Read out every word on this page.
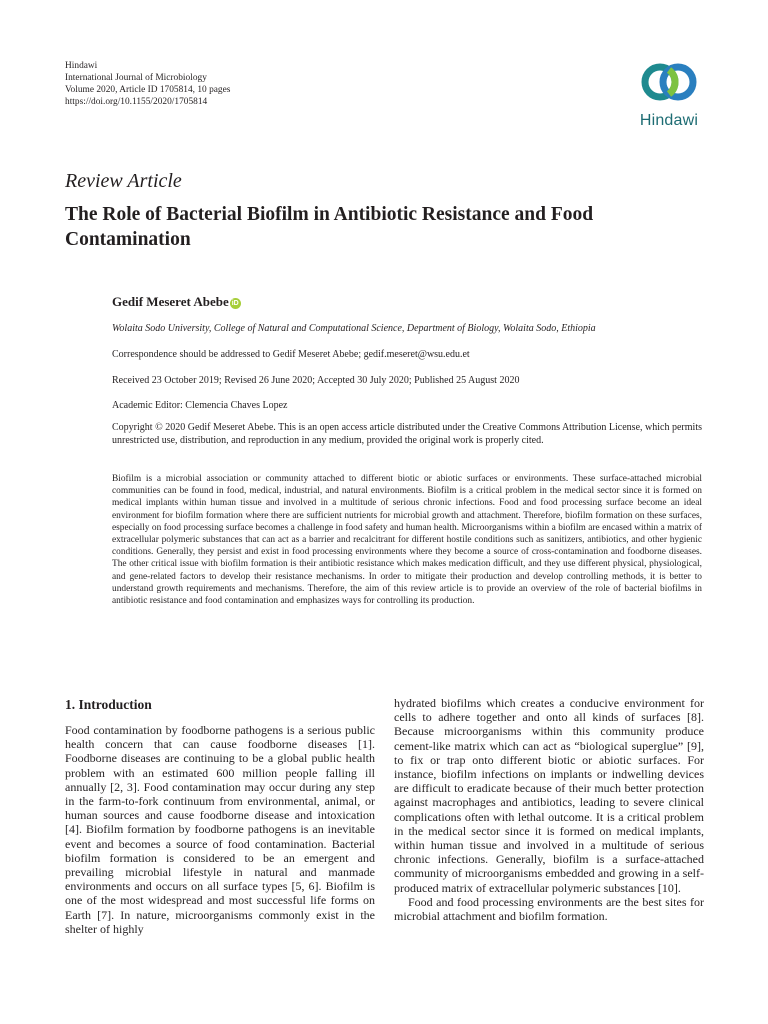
Hindawi
International Journal of Microbiology
Volume 2020, Article ID 1705814, 10 pages
https://doi.org/10.1155/2020/1705814
Hindawi
Review Article
The Role of Bacterial Biofilm in Antibiotic Resistance and Food Contamination
Gedif Meseret Abebe iD
Wolaita Sodo University, College of Natural and Computational Science, Department of Biology, Wolaita Sodo, Ethiopia
Correspondence should be addressed to Gedif Meseret Abebe; gedif.meseret@wsu.edu.et
Received 23 October 2019; Revised 26 June 2020; Accepted 30 July 2020; Published 25 August 2020
Academic Editor: Clemencia Chaves Lopez
Copyright © 2020 Gedif Meseret Abebe. This is an open access article distributed under the Creative Commons Attribution License, which permits unrestricted use, distribution, and reproduction in any medium, provided the original work is properly cited.
Biofilm is a microbial association or community attached to different biotic or abiotic surfaces or environments. These surface-attached microbial communities can be found in food, medical, industrial, and natural environments. Biofilm is a critical problem in the medical sector since it is formed on medical implants within human tissue and involved in a multitude of serious chronic infections. Food and food processing surface become an ideal environment for biofilm formation where there are sufficient nutrients for microbial growth and attachment. Therefore, biofilm formation on these surfaces, especially on food processing surface becomes a challenge in food safety and human health. Microorganisms within a biofilm are encased within a matrix of extracellular polymeric substances that can act as a barrier and recalcitrant for different hostile conditions such as sanitizers, antibiotics, and other hygienic conditions. Generally, they persist and exist in food processing environments where they become a source of cross-contamination and foodborne diseases. The other critical issue with biofilm formation is their antibiotic resistance which makes medication difficult, and they use different physical, physiological, and gene-related factors to develop their resistance mechanisms. In order to mitigate their production and develop controlling methods, it is better to understand growth requirements and mechanisms. Therefore, the aim of this review article is to provide an overview of the role of bacterial biofilms in antibiotic resistance and food contamination and emphasizes ways for controlling its production.
1. Introduction

Food contamination by foodborne pathogens is a serious public health concern that can cause foodborne diseases [1]. Foodborne diseases are continuing to be a global public health problem with an estimated 600 million people falling ill annually [2, 3]. Food contamination may occur during any step in the farm-to-fork continuum from environmental, animal, or human sources and cause foodborne disease and intoxication [4]. Biofilm formation by foodborne pathogens is an inevitable event and becomes a source of food contamination. Bacterial biofilm formation is considered to be an emergent and prevailing microbial lifestyle in natural and manmade environments and occurs on all surface types [5, 6]. Biofilm is one of the most widespread and most successful life forms on Earth [7]. In nature, microorganisms commonly exist in the shelter of highly

hydrated biofilms which creates a conducive environment for cells to adhere together and onto all kinds of surfaces [8]. Because microorganisms within this community produce cement-like matrix which can act as “biological superglue” [9], to fix or trap onto different biotic or abiotic surfaces. For instance, biofilm infections on implants or indwelling devices are difficult to eradicate because of their much better protection against macrophages and antibiotics, leading to severe clinical complications often with lethal outcome. It is a critical problem in the medical sector since it is formed on medical implants, within human tissue and involved in a multitude of serious chronic infections. Generally, biofilm is a surface-attached community of microorganisms embedded and growing in a self-produced matrix of extracellular polymeric substances [10].

Food and food processing environments are the best sites for microbial attachment and biofilm formation.
